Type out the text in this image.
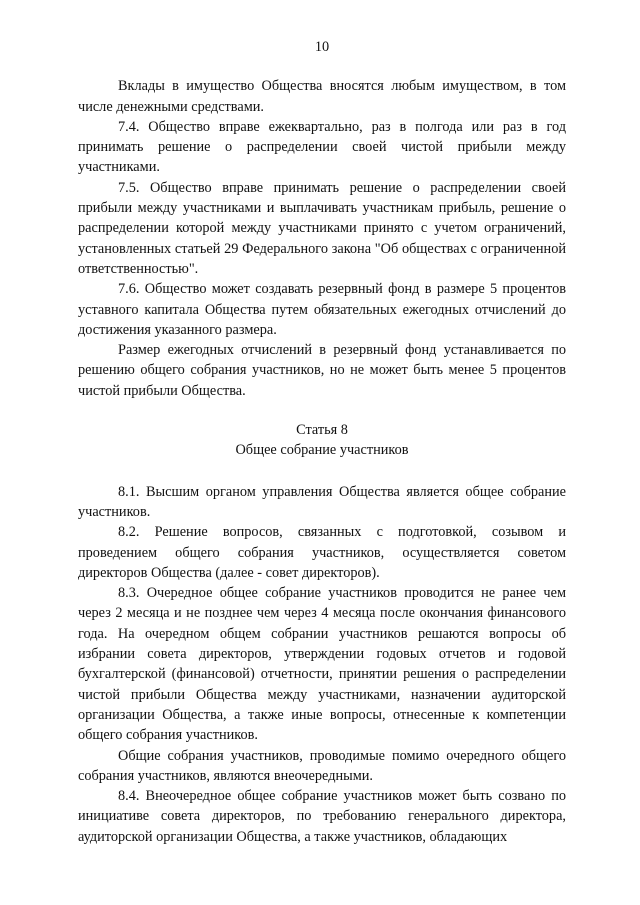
10

Вклады в имущество Общества вносятся любым имуществом, в том числе денежными средствами.

7.4. Общество вправе ежеквартально, раз в полгода или раз в год принимать решение о распределении своей чистой прибыли между участниками.

7.5. Общество вправе принимать решение о распределении своей прибыли между участниками и выплачивать участникам прибыль, решение о распределении которой между участниками принято с учетом ограничений, установленных статьей 29 Федерального закона "Об обществах с ограниченной ответственностью".

7.6. Общество может создавать резервный фонд в размере 5 процентов уставного капитала Общества путем обязательных ежегодных отчислений до достижения указанного размера.

Размер ежегодных отчислений в резервный фонд устанавливается по решению общего собрания участников, но не может быть менее 5 процентов чистой прибыли Общества.

Статья 8

Общее собрание участников

8.1. Высшим органом управления Общества является общее собрание участников.

8.2. Решение вопросов, связанных с подготовкой, созывом и проведением общего собрания участников, осуществляется советом директоров Общества (далее - совет директоров).

8.3. Очередное общее собрание участников проводится не ранее чем через 2 месяца и не позднее чем через 4 месяца после окончания финансового года. На очередном общем собрании участников решаются вопросы об избрании совета директоров, утверждении годовых отчетов и годовой бухгалтерской (финансовой) отчетности, принятии решения о распределении чистой прибыли Общества между участниками, назначении аудиторской организации Общества, а также иные вопросы, отнесенные к компетенции общего собрания участников.

Общие собрания участников, проводимые помимо очередного общего собрания участников, являются внеочередными.

8.4. Внеочередное общее собрание участников может быть созвано по инициативе совета директоров, по требованию генерального директора, аудиторской организации Общества, а также участников, обладающих
